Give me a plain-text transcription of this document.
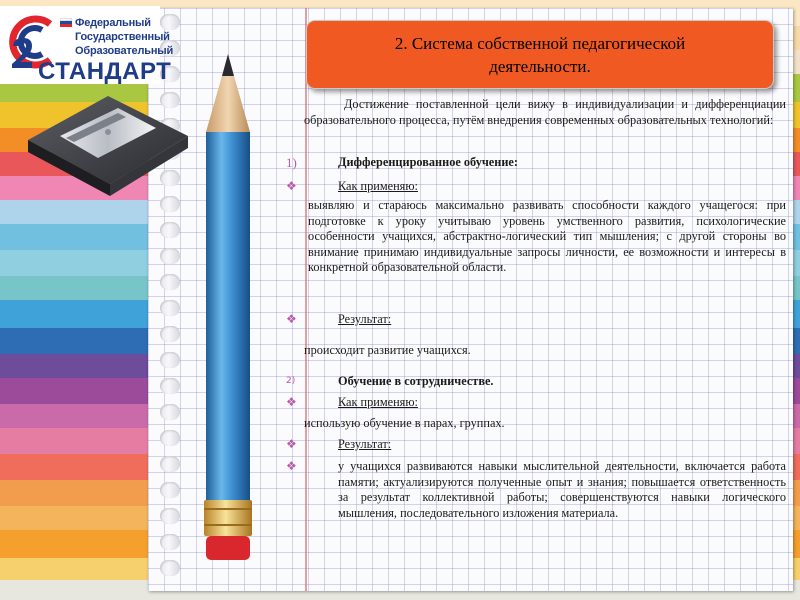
Федеральный
Государственный
Образовательный
СТАНДАРТ
2. Система собственной педагогической
деятельности.
Достижение поставленной цели вижу в индивидуализации и дифференциации образовательного процесса, путём внедрения современных образовательных технологий:
1)	Дифференцированное обучение:
❖	Как применяю:
выявляю и стараюсь максимально развивать способности каждого учащегося: при подготовке к уроку учитываю уровень умственного развития, психологические особенности учащихся, абстрактно-логический тип мышления; с другой стороны во внимание принимаю индивидуальные запросы личности, ее возможности и интересы в конкретной образовательной области.
❖	Результат:
происходит развитие учащихся.
2)	Обучение в сотрудничестве.
❖	Как применяю:
использую обучение в парах, группах.
❖	Результат:
❖	у учащихся развиваются навыки мыслительной деятельности, включается работа памяти; актуализируются полученные опыт и знания; повышается ответственность за результат коллективной работы; совершенствуются навыки логического мышления, последовательного изложения материала.
